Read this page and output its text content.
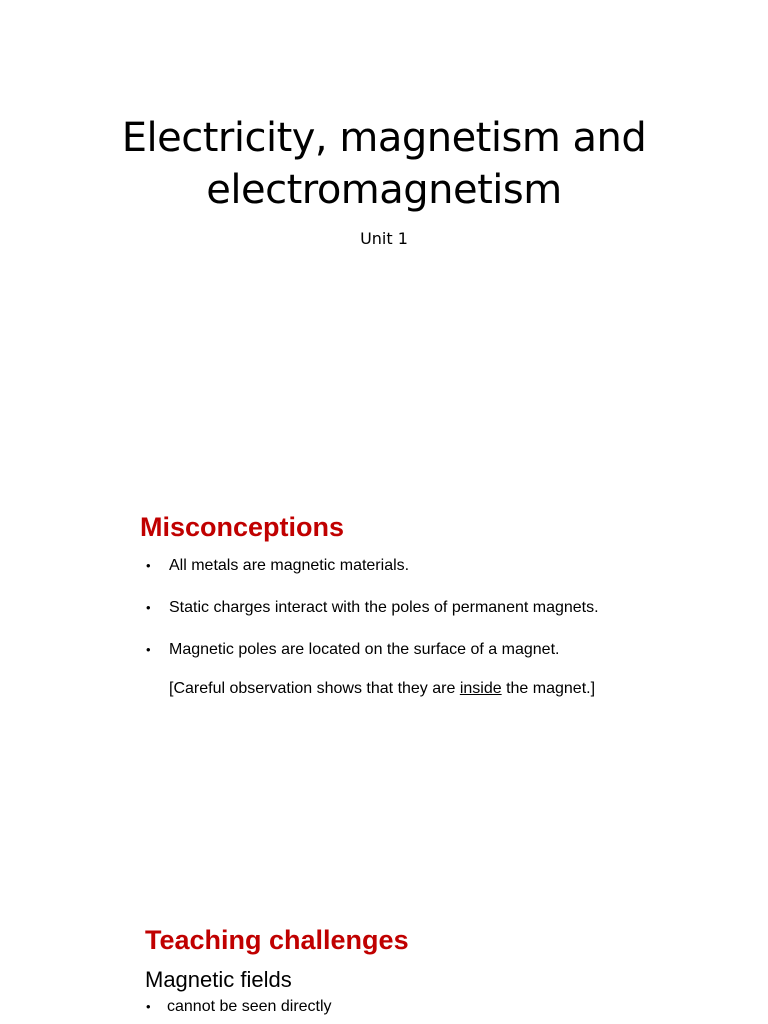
Electricity, magnetism and
electromagnetism
Unit 1
Misconceptions
• All metals are magnetic materials.
• Static charges interact with the poles of permanent magnets.
• Magnetic poles are located on the surface of a magnet.
[Careful observation shows that they are inside the magnet.]
Teaching challenges
Magnetic fields
• cannot be seen directly
